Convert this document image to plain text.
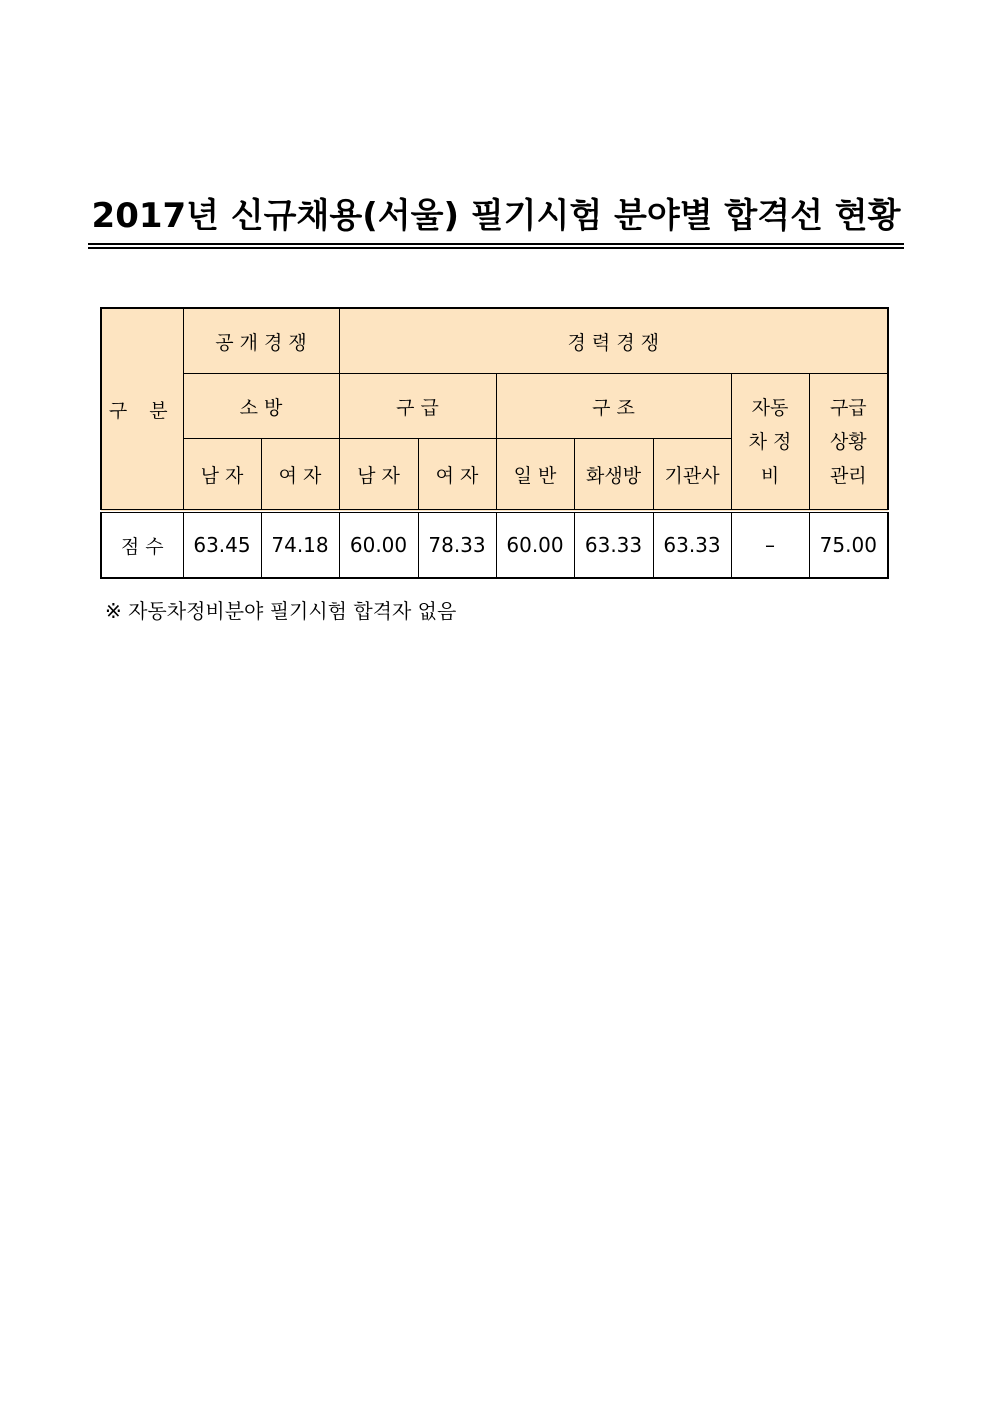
2017년 신규채용(서울) 필기시험 분야별 합격선 현황
구 분	공 개 경 쟁		경 력 경 쟁						
	소 방		구 급		구 조			자동차 정비	구급 상황 관리
	남 자	여 자	남 자	여 자	일 반	화생방	기관사		
점 수	63.45	74.18	60.00	78.33	60.00	63.33	63.33	–	75.00
※ 자동차정비분야 필기시험 합격자 없음
